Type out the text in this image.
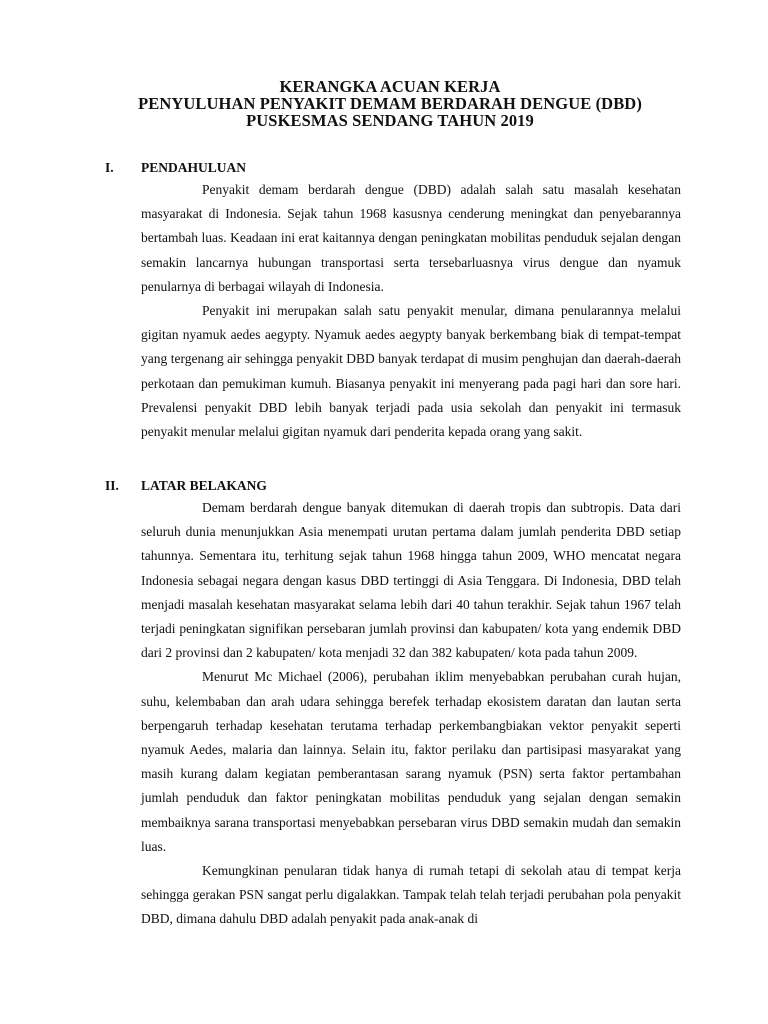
KERANGKA ACUAN KERJA
PENYULUHAN PENYAKIT DEMAM BERDARAH DENGUE (DBD)
PUSKESMAS SENDANG TAHUN 2019
I. PENDAHULUAN

Penyakit demam berdarah dengue (DBD) adalah salah satu masalah kesehatan masyarakat di Indonesia. Sejak tahun 1968 kasusnya cenderung meningkat dan penyebarannya bertambah luas. Keadaan ini erat kaitannya dengan peningkatan mobilitas penduduk sejalan dengan semakin lancarnya hubungan transportasi serta tersebarluasnya virus dengue dan nyamuk penularnya di berbagai wilayah di Indonesia.

Penyakit ini merupakan salah satu penyakit menular, dimana penularannya melalui gigitan nyamuk aedes aegypty. Nyamuk aedes aegypty banyak berkembang biak di tempat-tempat yang tergenang air sehingga penyakit DBD banyak terdapat di musim penghujan dan daerah-daerah perkotaan dan pemukiman kumuh. Biasanya penyakit ini menyerang pada pagi hari dan sore hari. Prevalensi penyakit DBD lebih banyak terjadi pada usia sekolah dan penyakit ini termasuk penyakit menular melalui gigitan nyamuk dari penderita kepada orang yang sakit.

II. LATAR BELAKANG

Demam berdarah dengue banyak ditemukan di daerah tropis dan subtropis. Data dari seluruh dunia menunjukkan Asia menempati urutan pertama dalam jumlah penderita DBD setiap tahunnya. Sementara itu, terhitung sejak tahun 1968 hingga tahun 2009, WHO mencatat negara Indonesia sebagai negara dengan kasus DBD tertinggi di Asia Tenggara. Di Indonesia, DBD telah menjadi masalah kesehatan masyarakat selama lebih dari 40 tahun terakhir. Sejak tahun 1967 telah terjadi peningkatan signifikan persebaran jumlah provinsi dan kabupaten/ kota yang endemik DBD dari 2 provinsi dan 2 kabupaten/ kota menjadi 32 dan 382 kabupaten/ kota pada tahun 2009.

Menurut Mc Michael (2006), perubahan iklim menyebabkan perubahan curah hujan, suhu, kelembaban dan arah udara sehingga berefek terhadap ekosistem daratan dan lautan serta berpengaruh terhadap kesehatan terutama terhadap perkembangbiakan vektor penyakit seperti nyamuk Aedes, malaria dan lainnya. Selain itu, faktor perilaku dan partisipasi masyarakat yang masih kurang dalam kegiatan pemberantasan sarang nyamuk (PSN) serta faktor pertambahan jumlah penduduk dan faktor peningkatan mobilitas penduduk yang sejalan dengan semakin membaiknya sarana transportasi menyebabkan persebaran virus DBD semakin mudah dan semakin luas.

Kemungkinan penularan tidak hanya di rumah tetapi di sekolah atau di tempat kerja sehingga gerakan PSN sangat perlu digalakkan. Tampak telah telah terjadi perubahan pola penyakit DBD, dimana dahulu DBD adalah penyakit pada anak-anak di
